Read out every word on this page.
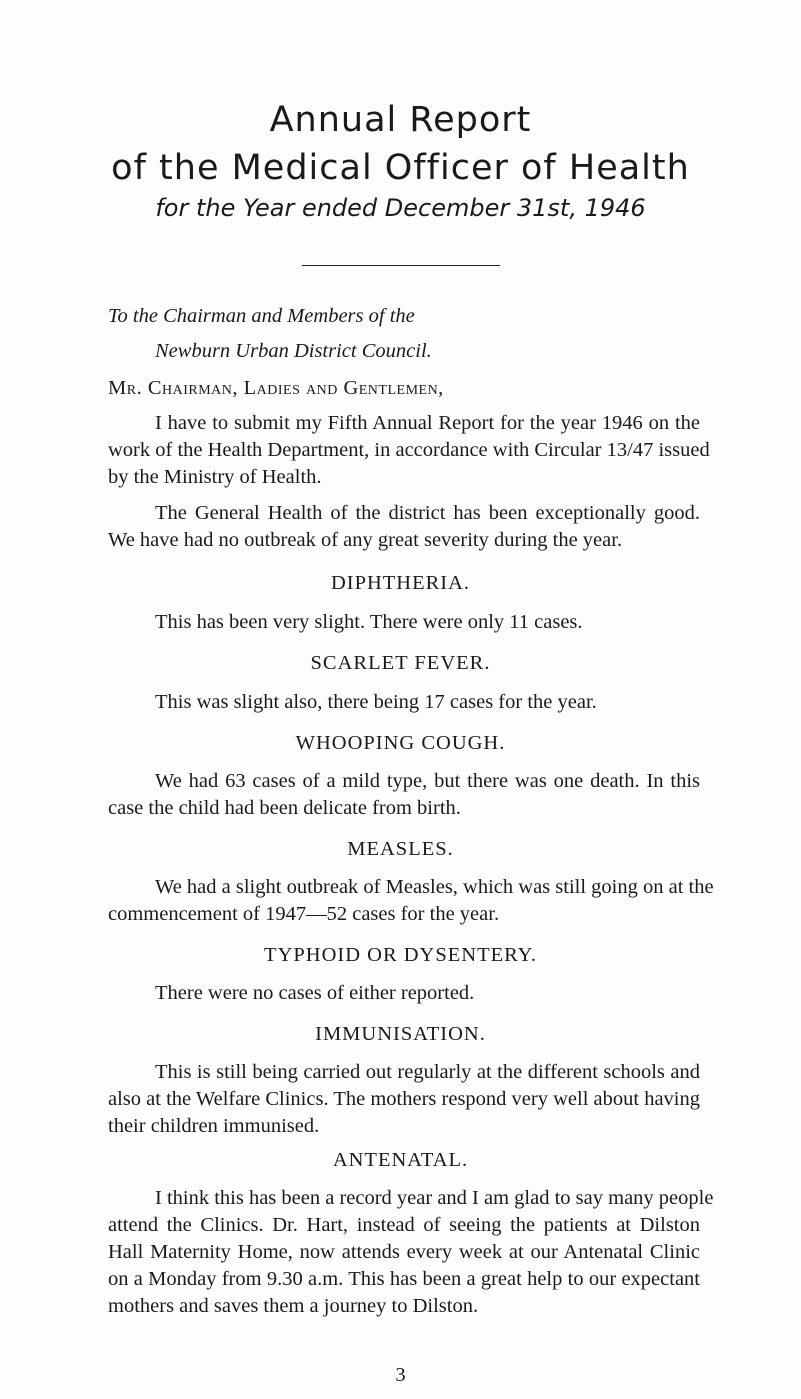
Annual Report
of the Medical Officer of Health
for the Year ended December 31st, 1946
To the Chairman and Members of the
Newburn Urban District Council.
Mr. Chairman, Ladies and Gentlemen,
I have to submit my Fifth Annual Report for the year 1946 on the
work of the Health Department, in accordance with Circular 13/47 issued
by the Ministry of Health.
The General Health of the district has been exceptionally good.
We have had no outbreak of any great severity during the year.
DIPHTHERIA.
This has been very slight. There were only 11 cases.
SCARLET FEVER.
This was slight also, there being 17 cases for the year.
WHOOPING COUGH.
We had 63 cases of a mild type, but there was one death. In this
case the child had been delicate from birth.
MEASLES.
We had a slight outbreak of Measles, which was still going on at the
commencement of 1947—52 cases for the year.
TYPHOID OR DYSENTERY.
There were no cases of either reported.
IMMUNISATION.
This is still being carried out regularly at the different schools and
also at the Welfare Clinics. The mothers respond very well about having
their children immunised.
ANTENATAL.
I think this has been a record year and I am glad to say many people
attend the Clinics. Dr. Hart, instead of seeing the patients at Dilston
Hall Maternity Home, now attends every week at our Antenatal Clinic
on a Monday from 9.30 a.m. This has been a great help to our expectant
mothers and saves them a journey to Dilston.
3
